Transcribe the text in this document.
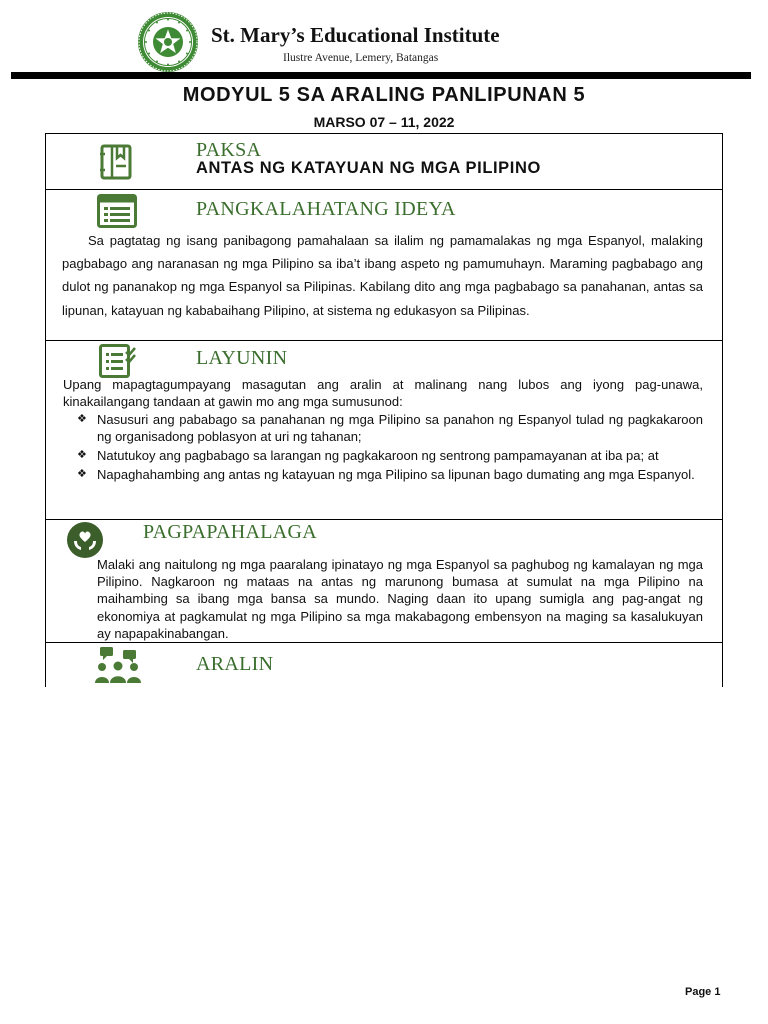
St. Mary’s Educational Institute
Ilustre Avenue, Lemery, Batangas
MODYUL 5 SA ARALING PANLIPUNAN 5
MARSO 07 – 11, 2022
PAKSA
ANTAS NG KATAYUAN NG MGA PILIPINO
PANGKALAHATANG IDEYA
Sa pagtatag ng isang panibagong pamahalaan sa ilalim ng pamamalakas ng mga Espanyol, malaking pagbabago ang naranasan ng mga Pilipino sa iba’t ibang aspeto ng pamumuhayn. Maraming pagbabago ang dulot ng pananakop ng mga Espanyol sa Pilipinas. Kabilang dito ang mga pagbabago sa panahanan, antas sa lipunan, katayuan ng kababaihang Pilipino, at sistema ng edukasyon sa Pilipinas.
LAYUNIN
Upang mapagtagumpayang masagutan ang aralin at malinang nang lubos ang iyong pag-unawa, kinakailangang tandaan at gawin mo ang mga sumusunod:
❖ Nasusuri ang pababago sa panahanan ng mga Pilipino sa panahon ng Espanyol tulad ng pagkakaroon ng organisadong poblasyon at uri ng tahanan;
❖ Natutukoy ang pagbabago sa larangan ng pagkakaroon ng sentrong pampamayanan at iba pa; at
❖ Napaghahambing ang antas ng katayuan ng mga Pilipino sa lipunan bago dumating ang mga Espanyol.
PAGPAPAHALAGA
Malaki ang naitulong ng mga paaralang ipinatayo ng mga Espanyol sa paghubog ng kamalayan ng mga Pilipino. Nagkaroon ng mataas na antas ng marunong bumasa at sumulat na mga Pilipino na maihambing sa ibang mga bansa sa mundo. Naging daan ito upang sumigla ang pag-angat ng ekonomiya at pagkamulat ng mga Pilipino sa mga makabagong embensyon na maging sa kasalukuyan ay napapakinabangan.
ARALIN
Page 1
